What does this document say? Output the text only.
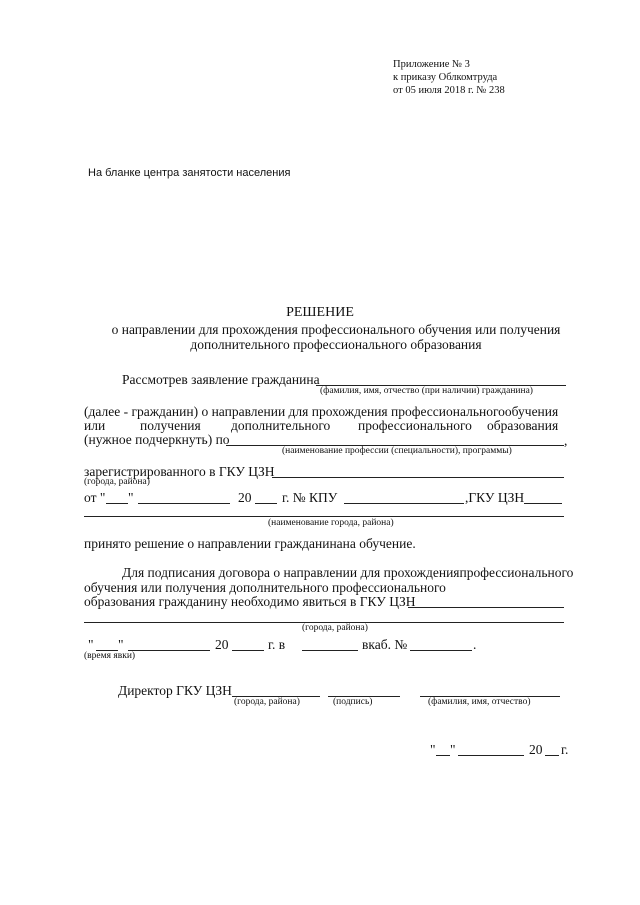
Приложение № 3
к приказу Облкомтруда
от 05 июля 2018 г. № 238
На бланке центра занятости населения
РЕШЕНИЕ
о направлении для прохождения профессионального обучения или получения
дополнительного профессионального образования
Рассмотрев заявление гражданина
(фамилия, имя, отчество (при наличии) гражданина)
(далее - гражданин) о направлении для прохождения профессиональногообучения
или	получения дополнительного профессионального образования
(нужное подчеркнуть) по	,
(наименование профессии (специальности), программы)
зарегистрированного в ГКУ ЦЗН
(города, района)
от " "	20 г. № КПУ	,ГКУ ЦЗН
(наименование города, района)
принято решение о направлении гражданинана обучение.
Для подписания договора о направлении для прохожденияпрофессионального
обучения или получения дополнительного профессионального
образования гражданину необходимо явиться в ГКУ ЦЗН
(города, района)
" "	20	г. в	вкаб. №	.
(время явки)
Директор ГКУ ЦЗН
(города, района)	(подпись)	(фамилия, имя, отчество)
" "	20 г.
